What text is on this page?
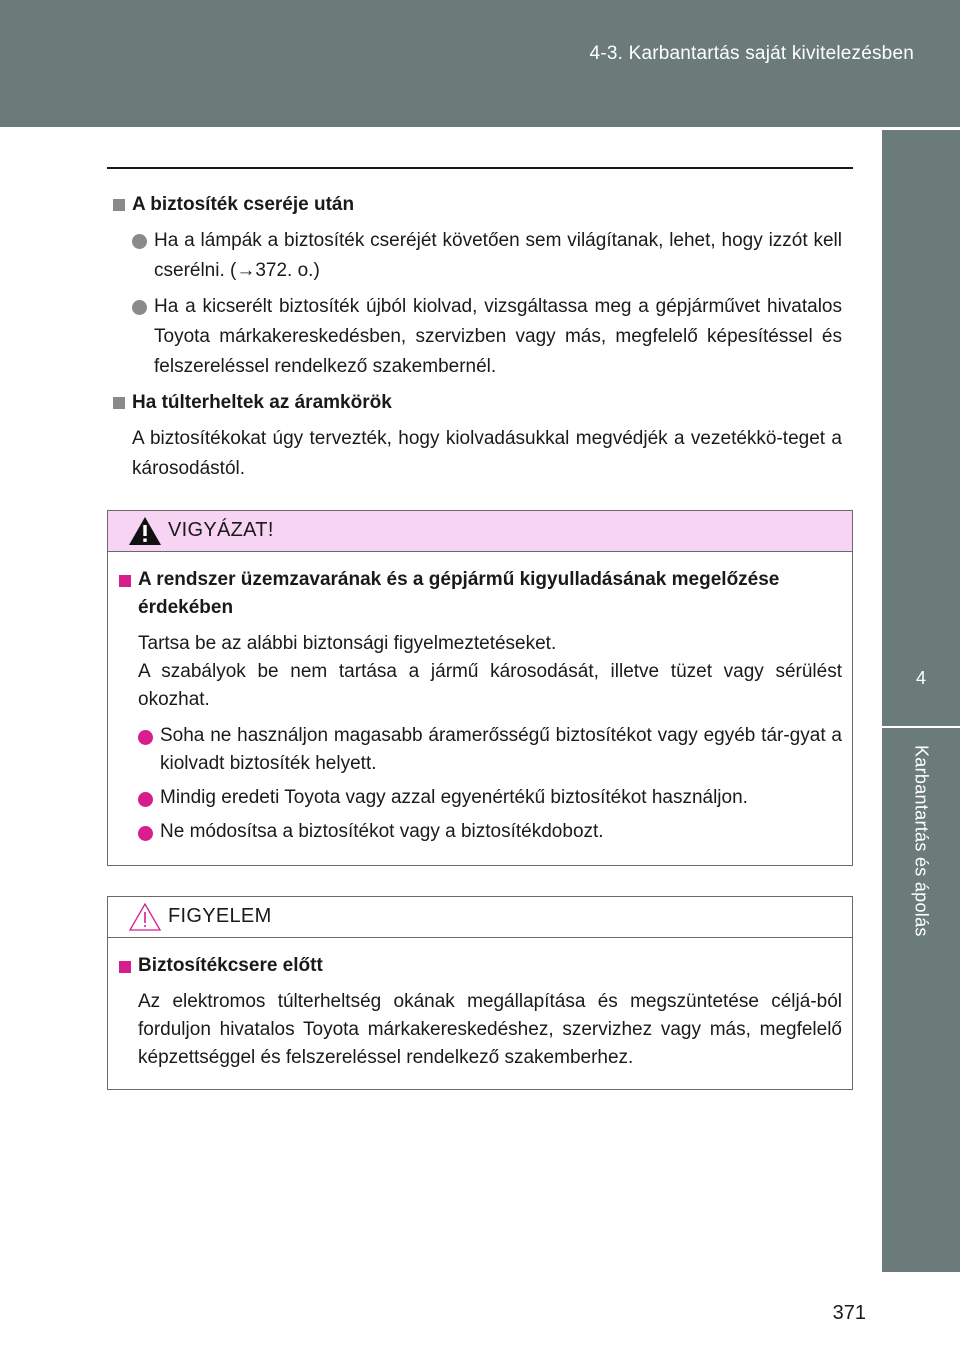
4-3. Karbantartás saját kivitelezésben
4
Karbantartás és ápolás
A biztosíték cseréje után
Ha a lámpák a biztosíték cseréjét követően sem világítanak, lehet, hogy izzót kell cserélni. (→372. o.)
Ha a kicserélt biztosíték újból kiolvad, vizsgáltassa meg a gépjárművet hivatalos Toyota márkakereskedésben, szervizben vagy más, megfelelő képesítéssel és felszereléssel rendelkező szakembernél.
Ha túlterheltek az áramkörök
A biztosítékokat úgy tervezték, hogy kiolvadásukkal megvédjék a vezetékkö-teget a károsodástól.
VIGYÁZAT!
A rendszer üzemzavarának és a gépjármű kigyulladásának megelőzése érdekében
Tartsa be az alábbi biztonsági figyelmeztetéseket.
A szabályok be nem tartása a jármű károsodását, illetve tüzet vagy sérülést okozhat.
Soha ne használjon magasabb áramerősségű biztosítékot vagy egyéb tár-gyat a kiolvadt biztosíték helyett.
Mindig eredeti Toyota vagy azzal egyenértékű biztosítékot használjon.
Ne módosítsa a biztosítékot vagy a biztosítékdobozt.
FIGYELEM
Biztosítékcsere előtt
Az elektromos túlterheltség okának megállapítása és megszüntetése céljá-ból forduljon hivatalos Toyota márkakereskedéshez, szervizhez vagy más, megfelelő képzettséggel és felszereléssel rendelkező szakemberhez.
371
